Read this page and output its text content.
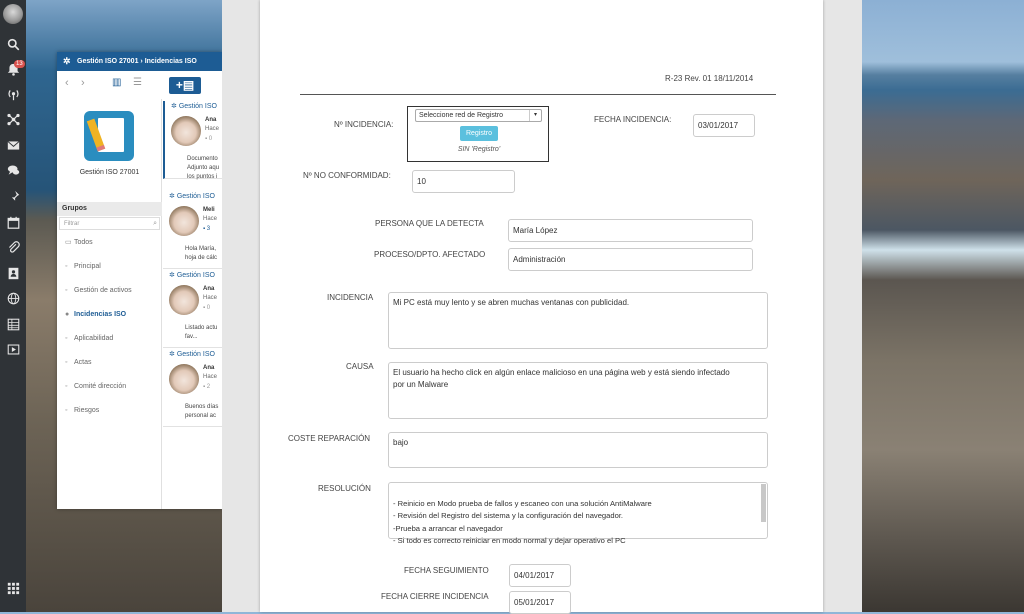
13	✲ Gestión ISO 27001 › Incidencias ISO
‹ ›	▥ ☰	+▤
Gestión ISO 27001
Grupos
Filtrar	⌕
▭ Todos
◦ Principal
◦ Gestión de activos
● Incidencias ISO
◦ Aplicabilidad
◦ Actas
◦ Comité dirección
◦ Riesgos
✲ Gestión ISO
Ana
Hace
▪ 0
Documento
Adjunto aqu
los puntos i
✲ Gestión ISO
Meli
Hace
▪ 3
Hola María,
hoja de cálc
✲ Gestión ISO
Ana
Hace
▪ 0
Listado actu
fav...
✲ Gestión ISO
Ana
Hace
▪ 2
Buenos días
personal ac
R-23 Rev. 01 18/11/2014
Nº INCIDENCIA:
Seleccione red de Registro	▾
Registro
SIN 'Registro'
FECHA INCIDENCIA:
03/01/2017
Nº NO CONFORMIDAD:
10
PERSONA QUE LA DETECTA
María López
PROCESO/DPTO. AFECTADO
Administración
INCIDENCIA
Mi PC está muy lento y se abren muchas ventanas con publicidad.
CAUSA
El usuario ha hecho click en algún enlace malicioso en una página web y está siendo infectado por un Malware
COSTE REPARACIÓN	bajo
RESOLUCIÓN

- Reinicio en Modo prueba de fallos y escaneo con una solución AntiMalware
- Revisión del Registro del sistema y la configuración del navegador.
-Prueba a arrancar el navegador
- Si todo es correcto reiniciar en modo normal y dejar operativo el PC

FECHA SEGUIMIENTO
04/01/2017
FECHA CIERRE INCIDENCIA
05/01/2017
